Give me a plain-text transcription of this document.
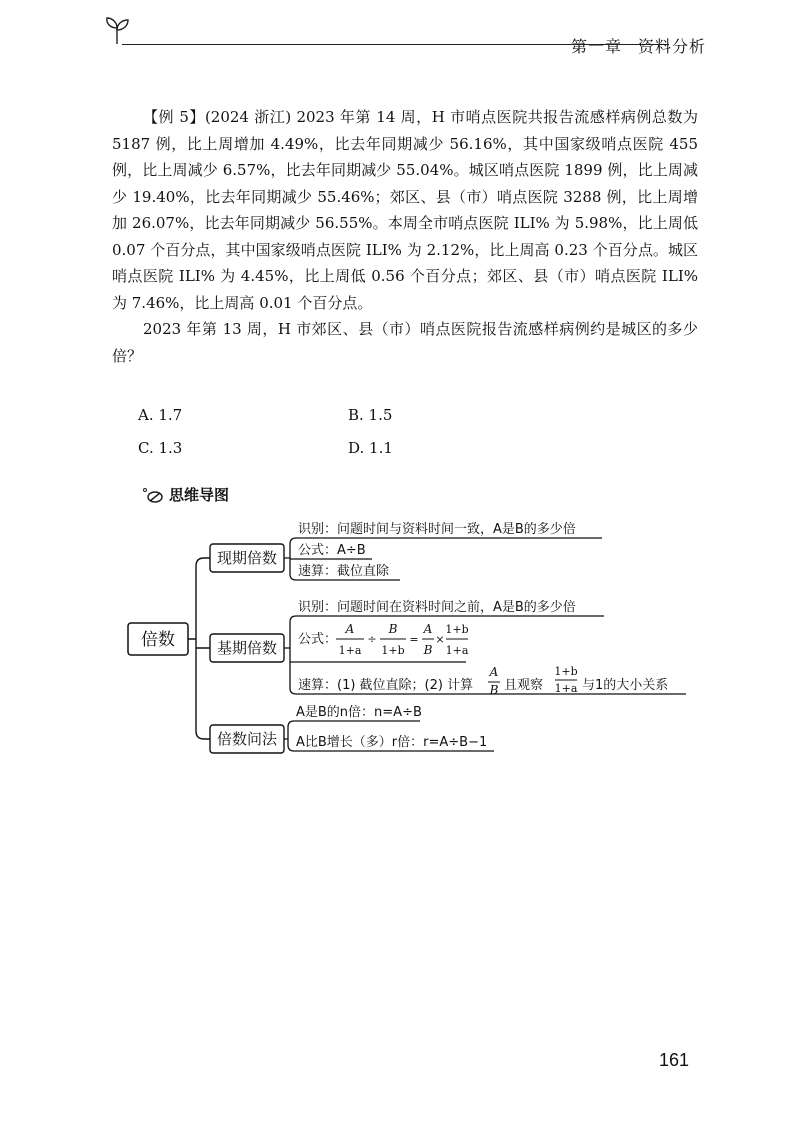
第一章 资料分析

【例 5】(2024 浙江) 2023 年第 14 周，H 市哨点医院共报告流感样病例总数为 5187 例，比上周增加 4.49%，比去年同期减少 56.16%，其中国家级哨点医院 455 例，比上周减少 6.57%，比去年同期减少 55.04%。城区哨点医院 1899 例，比上周减少 19.40%，比去年同期减少 55.46%；郊区、县（市）哨点医院 3288 例，比上周增加 26.07%，比去年同期减少 56.55%。本周全市哨点医院 ILI% 为 5.98%，比上周低 0.07 个百分点，其中国家级哨点医院 ILI% 为 2.12%，比上周高 0.23 个百分点。城区哨点医院 ILI% 为 4.45%，比上周低 0.56 个百分点；郊区、县（市）哨点医院 ILI% 为 7.46%，比上周高 0.01 个百分点。

2023 年第 13 周，H 市郊区、县（市）哨点医院报告流感样病例约是城区的多少倍？

A. 1.7	B. 1.5
C. 1.3	D. 1.1
思维导图
倍数
现期倍数
基期倍数
倍数问法
识别：问题时间与资料时间一致，A是B的多少倍
公式：A÷B
速算：截位直除
识别：问题时间在资料时间之前，A是B的多少倍
公式：
A
1+a
÷
B
1+b
=
A
B
×
1+b
1+a
速算：(1) 截位直除；(2) 计算
A
B 且观察
1+b
1+a 与1的大小关系
A是B的n倍：n=A÷B
A比B增长（多）r倍：r=A÷B−1
161
